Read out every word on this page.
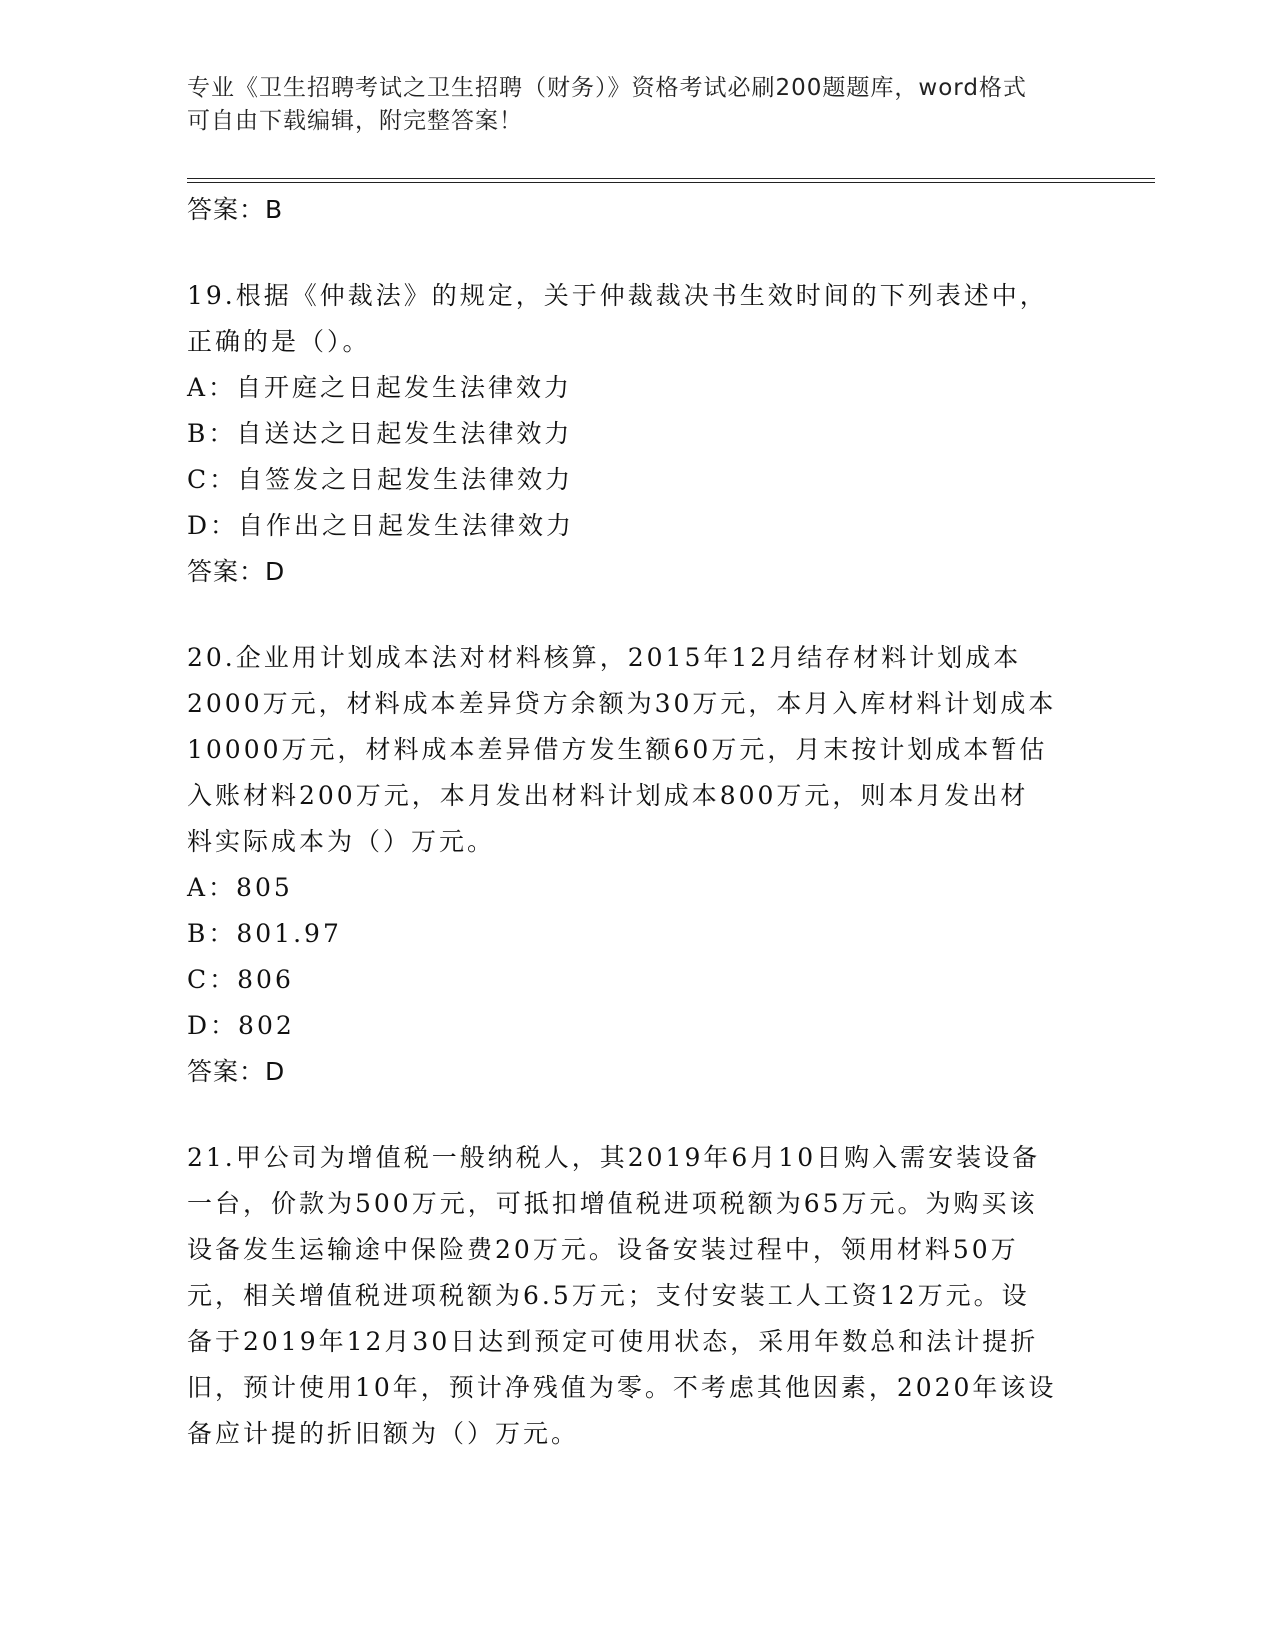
专业《卫生招聘考试之卫生招聘（财务）》资格考试必刷200题题库，word格式
可自由下载编辑，附完整答案！
答案：B

19.根据《仲裁法》的规定，关于仲裁裁决书生效时间的下列表述中，

正确的是（）。

A：自开庭之日起发生法律效力

B：自送达之日起发生法律效力

C：自签发之日起发生法律效力

D：自作出之日起发生法律效力

答案：D

20.企业用计划成本法对材料核算，2015年12月结存材料计划成本

2000万元，材料成本差异贷方余额为30万元，本月入库材料计划成本

10000万元，材料成本差异借方发生额60万元，月末按计划成本暂估

入账材料200万元，本月发出材料计划成本800万元，则本月发出材

料实际成本为（）万元。

A：805

B：801.97

C：806

D：802

答案：D

21.甲公司为增值税一般纳税人，其2019年6月10日购入需安装设备

一台，价款为500万元，可抵扣增值税进项税额为65万元。为购买该

设备发生运输途中保险费20万元。设备安装过程中，领用材料50万

元，相关增值税进项税额为6.5万元；支付安装工人工资12万元。设

备于2019年12月30日达到预定可使用状态，采用年数总和法计提折

旧，预计使用10年，预计净残值为零。不考虑其他因素，2020年该设

备应计提的折旧额为（）万元。
